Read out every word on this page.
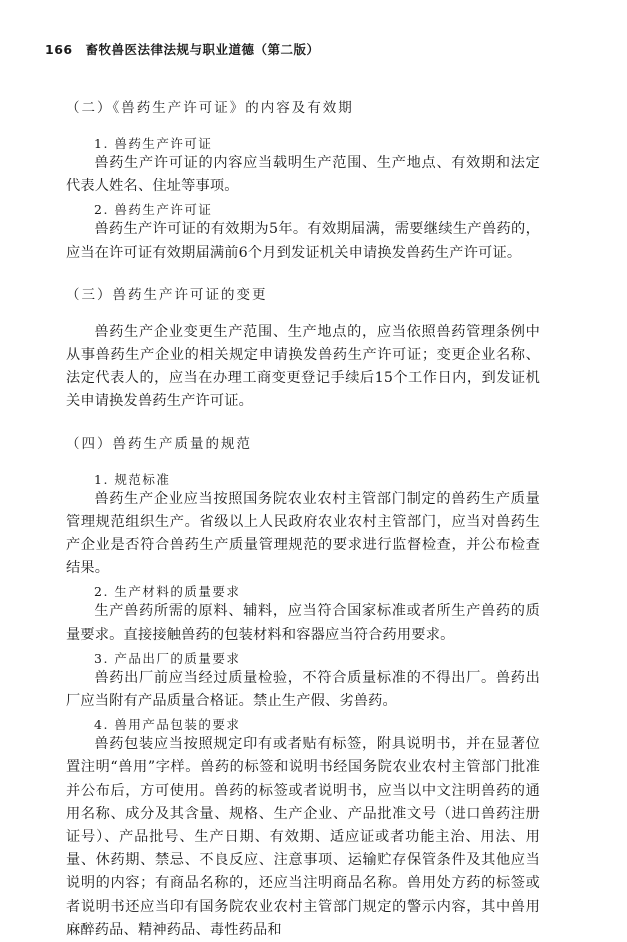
166 畜牧兽医法律法规与职业道德（第二版）

（二）《兽药生产许可证》的内容及有效期

1. 兽药生产许可证

兽药生产许可证的内容应当载明生产范围、生产地点、有效期和法定代表人姓名、住址等事项。

2. 兽药生产许可证

兽药生产许可证的有效期为5年。有效期届满，需要继续生产兽药的，应当在许可证有效期届满前6个月到发证机关申请换发兽药生产许可证。

（三）兽药生产许可证的变更

兽药生产企业变更生产范围、生产地点的，应当依照兽药管理条例中从事兽药生产企业的相关规定申请换发兽药生产许可证；变更企业名称、法定代表人的，应当在办理工商变更登记手续后15个工作日内，到发证机关申请换发兽药生产许可证。

（四）兽药生产质量的规范

1. 规范标准

兽药生产企业应当按照国务院农业农村主管部门制定的兽药生产质量管理规范组织生产。省级以上人民政府农业农村主管部门，应当对兽药生产企业是否符合兽药生产质量管理规范的要求进行监督检查，并公布检查结果。

2. 生产材料的质量要求

生产兽药所需的原料、辅料，应当符合国家标准或者所生产兽药的质量要求。直接接触兽药的包装材料和容器应当符合药用要求。

3. 产品出厂的质量要求

兽药出厂前应当经过质量检验，不符合质量标准的不得出厂。兽药出厂应当附有产品质量合格证。禁止生产假、劣兽药。

4. 兽用产品包装的要求

兽药包装应当按照规定印有或者贴有标签，附具说明书，并在显著位置注明“兽用”字样。兽药的标签和说明书经国务院农业农村主管部门批准并公布后，方可使用。兽药的标签或者说明书，应当以中文注明兽药的通用名称、成分及其含量、规格、生产企业、产品批准文号（进口兽药注册证号）、产品批号、生产日期、有效期、适应证或者功能主治、用法、用量、休药期、禁忌、不良反应、注意事项、运输贮存保管条件及其他应当说明的内容；有商品名称的，还应当注明商品名称。兽用处方药的标签或者说明书还应当印有国务院农业农村主管部门规定的警示内容，其中兽用麻醉药品、精神药品、毒性药品和
